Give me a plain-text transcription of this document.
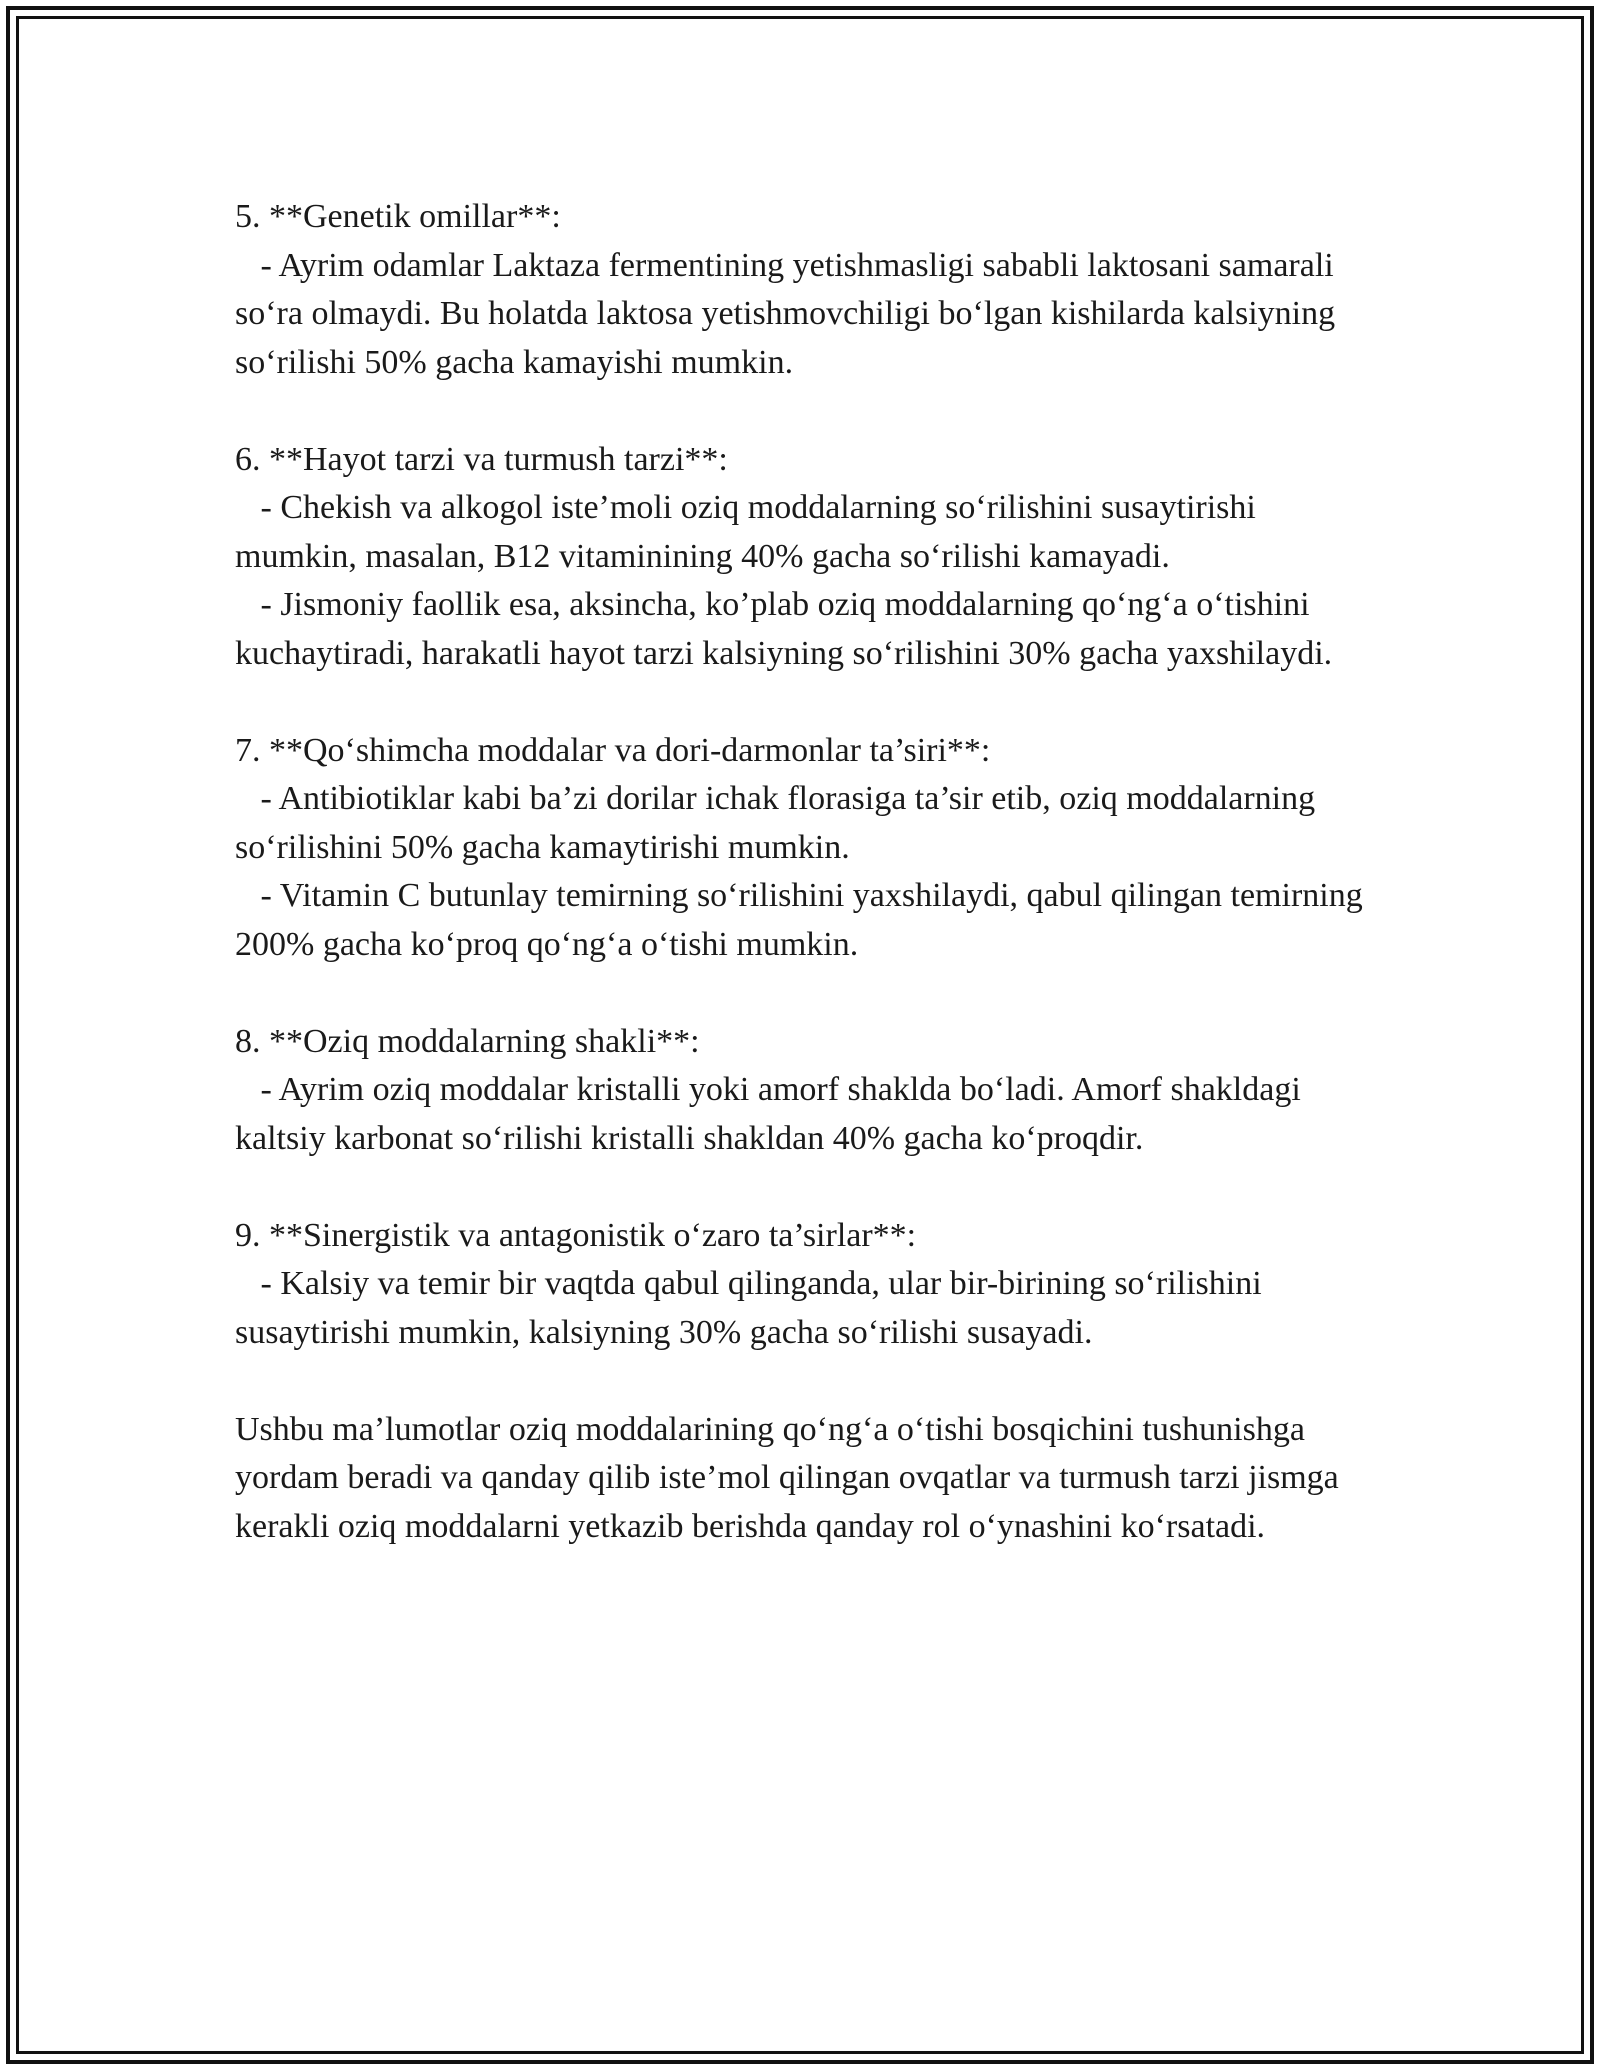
5. **Genetik omillar**:

- Ayrim odamlar Laktaza fermentining yetishmasligi sababli laktosani samarali so‘ra olmaydi. Bu holatda laktosa yetishmovchiligi bo‘lgan kishilarda kalsiyning so‘rilishi 50% gacha kamayishi mumkin.

6. **Hayot tarzi va turmush tarzi**:

- Chekish va alkogol iste’moli oziq moddalarning so‘rilishini susaytirishi mumkin, masalan, B12 vitaminining 40% gacha so‘rilishi kamayadi.

- Jismoniy faollik esa, aksincha, ko’plab oziq moddalarning qo‘ng‘a o‘tishini kuchaytiradi, harakatli hayot tarzi kalsiyning so‘rilishini 30% gacha yaxshilaydi.

7. **Qo‘shimcha moddalar va dori-darmonlar ta’siri**:

- Antibiotiklar kabi ba’zi dorilar ichak florasiga ta’sir etib, oziq moddalarning so‘rilishini 50% gacha kamaytirishi mumkin.

- Vitamin C butunlay temirning so‘rilishini yaxshilaydi, qabul qilingan temirning 200% gacha ko‘proq qo‘ng‘a o‘tishi mumkin.

8. **Oziq moddalarning shakli**:

- Ayrim oziq moddalar kristalli yoki amorf shaklda bo‘ladi. Amorf shakldagi kaltsiy karbonat so‘rilishi kristalli shakldan 40% gacha ko‘proqdir.

9. **Sinergistik va antagonistik o‘zaro ta’sirlar**:

- Kalsiy va temir bir vaqtda qabul qilinganda, ular bir-birining so‘rilishini susaytirishi mumkin, kalsiyning 30% gacha so‘rilishi susayadi.

Ushbu ma’lumotlar oziq moddalarining qo‘ng‘a o‘tishi bosqichini tushunishga yordam beradi va qanday qilib iste’mol qilingan ovqatlar va turmush tarzi jismga kerakli oziq moddalarni yetkazib berishda qanday rol o‘ynashini ko‘rsatadi.
